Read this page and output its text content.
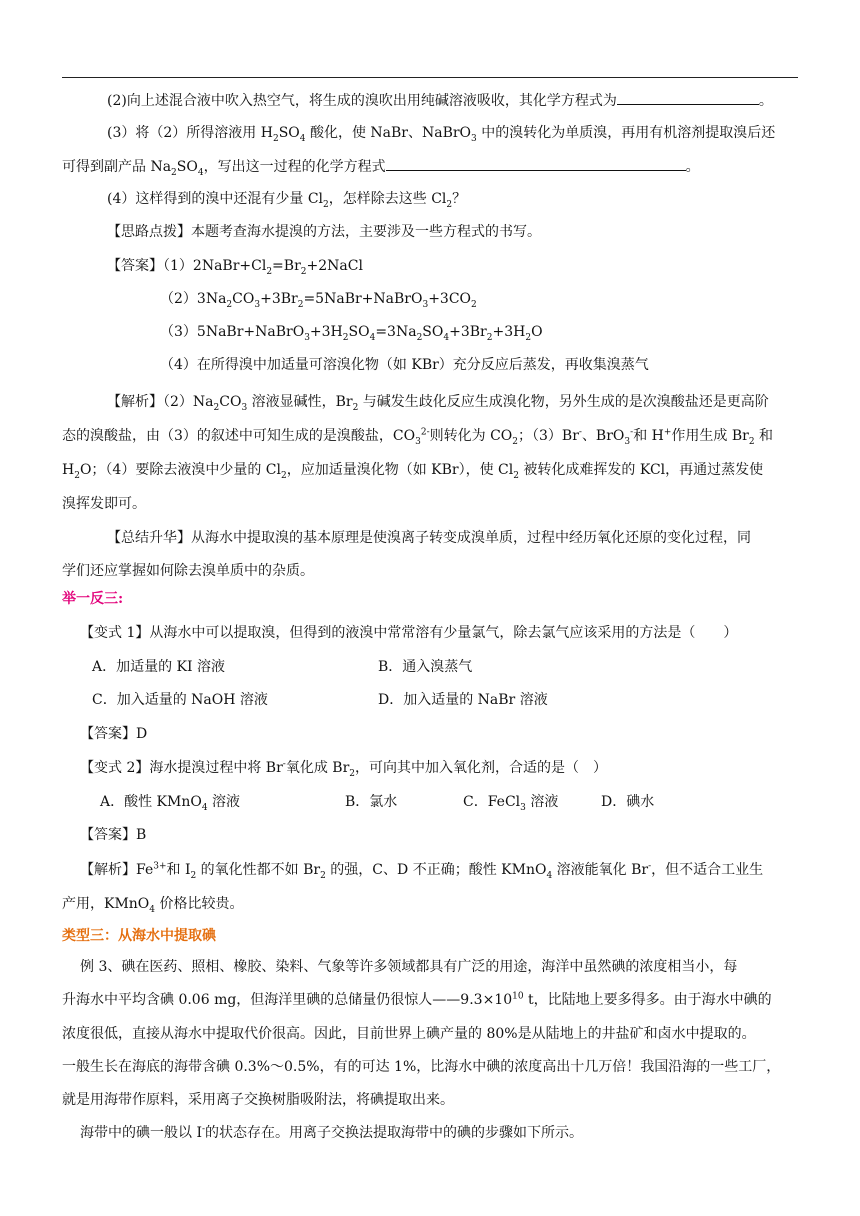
(2)向上述混合液中吹入热空气，将生成的溴吹出用纯碱溶液吸收，其化学方程式为	。
(3）将（2）所得溶液用 $H_2SO_4$ 酸化，使 NaBr、NaBrO$_3$ 中的溴转化为单质溴，再用有机溶剂提取溴后还
可得到副产品 $Na_2SO_4$，写出这一过程的化学方程式	。
(4）这样得到的溴中还混有少量 $Cl_2$，怎样除去这些 $Cl_2$？
【思路点拨】本题考查海水提溴的方法，主要涉及一些方程式的书写。
【答案】$(1)2NaBr+Cl_2=Br_2+2NaCl$
$(2)3Na_2CO_3+3Br_2=5NaBr+NaBrO_3+3CO_2$
$(3)5NaBr+NaBrO_3+3H_2SO_4=3Na_2SO_4+3Br_2+3H_2O$
（4）在所得溴中加适量可溶溴化物（如 KBr）充分反应后蒸发，再收集溴蒸气
【解析】$(2)Na_2CO_3$ 溶液显碱性，$Br_2$ 与碱发生歧化反应生成溴化物，另外生成的是次溴酸盐还是更高阶
态的溴酸盐，由（3）的叙述中可知生成的是溴酸盐，$CO_3^{2-}$则转化为 $CO_2$；（3）Br-、BrO$_3$-和 H+作用生成 $Br_2$ 和
$H_2O$；（4）要除去液溴中少量的 $Cl_2$，应加适量溴化物（如 KBr），使 $Cl_2$ 被转化成难挥发的 KCl，再通过蒸发使
溴挥发即可。
【总结升华】从海水中提取溴的基本原理是使溴离子转变成溴单质，过程中经历氧化还原的变化过程，同
学们还应掌握如何除去溴单质中的杂质。
举一反三:
【变式 1】从海水中可以提取溴，但得到的液溴中常常溶有少量氯气，除去氯气应该采用的方法是（　　）
A．加适量的 KI 溶液	B．通入溴蒸气
C．加入适量的 NaOH 溶液	D．加入适量的 NaBr 溶液
【答案】D
【变式 2】海水提溴过程中将 Br-氧化成 $Br_2$，可向其中加入氧化剂，合适的是（　）
A．酸性 KMnO$_4$ 溶液	B．氯水	C．FeCl$_3$ 溶液	D．碘水
【答案】B
【解析】$Fe^{3+}$和 $I_2$ 的氧化性都不如 $Br_2$ 的强，C、D 不正确；酸性 KMnO$_4$ 溶液能氧化 Br-，但不适合工业生
产用，KMnO$_4$ 价格比较贵。
类型三：从海水中提取碘
例 3、碘在医药、照相、橡胶、染料、气象等许多领域都具有广泛的用途，海洋中虽然碘的浓度相当小，每
升海水中平均含碘 0.06 mg，但海洋里碘的总储量仍很惊人$——9.3\times 10^{10}$ t，比陆地上要多得多。由于海水中碘的
浓度很低，直接从海水中提取代价很高。因此，目前世界上碘产量的 80%是从陆地上的井盐矿和卤水中提取的。
一般生长在海底的海带含碘 0.3%～0.5%，有的可达 1%，比海水中碘的浓度高出十几万倍！我国沿海的一些工厂，
就是用海带作原料，采用离子交换树脂吸附法，将碘提取出来。
海带中的碘一般以 I-的状态存在。用离子交换法提取海带中的碘的步骤如下所示。
